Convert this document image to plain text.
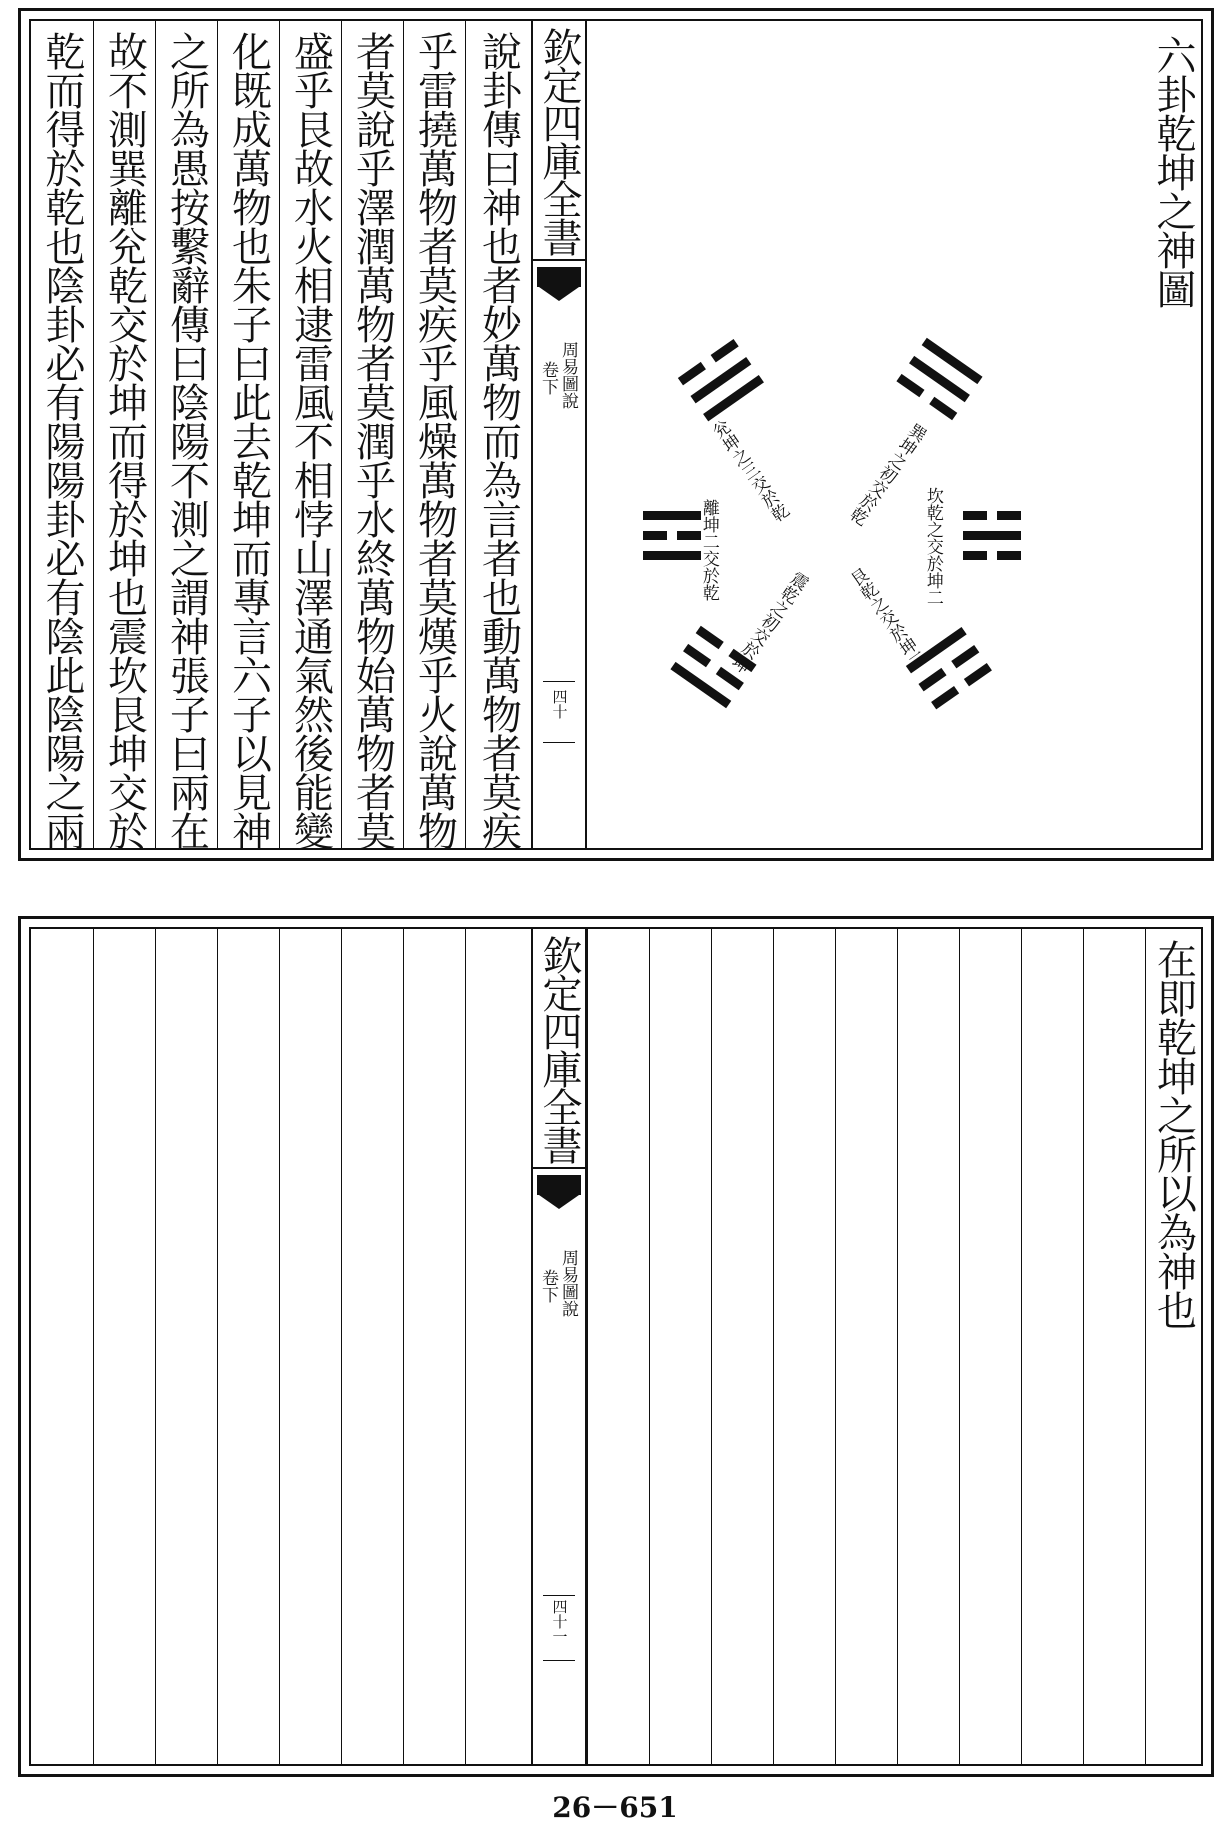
乾而得於乾也陰卦必有陽陽卦必有陰此陰陽之兩 故不測巽離兊乾交於坤而得於坤也震坎艮坤交於 之所為愚按繫辭傳曰陰陽不測之謂神張子曰兩在 化既成萬物也朱子曰此去乾坤而專言六子以見神 盛乎艮故水火相逮雷風不相悖山澤通氣然後能變 者莫說乎澤潤萬物者莫潤乎水終萬物始萬物者莫 乎雷撓萬物者莫疾乎風燥萬物者莫熯乎火說萬物 說卦傳曰神也者妙萬物而為言者也動萬物者莫疾 欽定四庫全書
周易圖說
卷下
四十
六卦乾坤之神圖
兊坤之三交於乾	巽坤之初交於乾
離坤二交於乾	坎乾之交於坤二
震乾之初交於坤 艮乾之交於坤三
欽定四庫全書
周易圖說
卷下
四十一
在即乾坤之所以為神也
26－651
